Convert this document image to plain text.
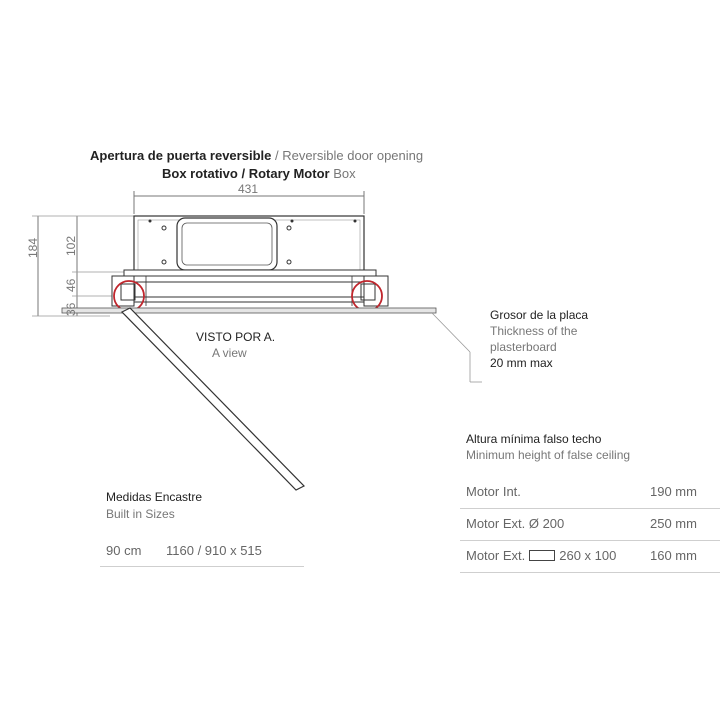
Apertura de puerta reversible / Reversible door opening
Box rotativo / Rotary Motor Box
431
184 102
46
36
VISTO POR A.
A view
Grosor de la placa
Thickness of the
plasterboard
20 mm max
Altura mínima falso techo
Minimum height of false ceiling
Motor Int.	190 mm
Motor Ext. Ø 200	250 mm
Motor Ext.	260 x 100	160 mm
Medidas Encastre
Built in Sizes
90 cm 1160 / 910 x 515
